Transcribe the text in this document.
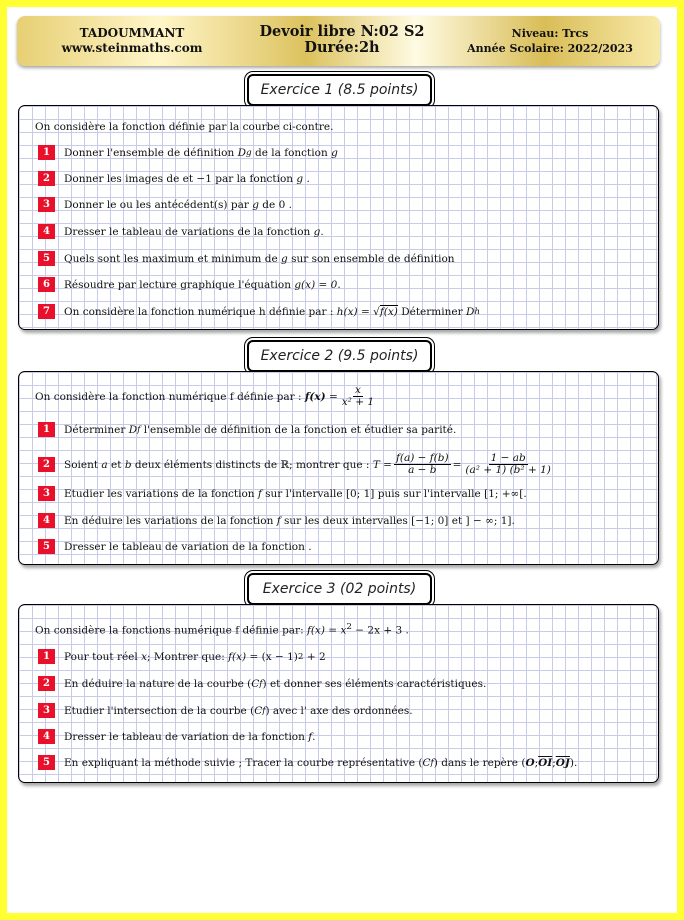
TADOUMMANT
www.steinmaths.com
Devoir libre N:02 S2
Durée:2h
Niveau: Trcs
Année Scolaire: 2022/2023
Exercice 1 (8.5 points)
On considère la fonction définie par la courbe ci-contre.
1	Donner l'ensemble de définition
D g
de la fonction
g
2	Donner les images de et
−1
par la fonction
g
.
3	Donner le ou les antécédent(s) par
g
de
0
.
4	Dresser le tableau de variations de la fonction
g .
5	Quels sont les maximum et minimum de
g
sur son ensemble de définition
6	Résoudre par lecture graphique l'équation
g(x) = 0 .
7	On considère la fonction numérique h définie par :
h(x) =
√ f(x)
Déterminer
D h
Exercice 2 (9.5 points)
On considère la fonction numérique f définie par :
$f(x) = \frac{x}{\text{x² + 1}}$
1	Déterminer
D f
l'ensemble de définition de la fonction et étudier sa parité.
2	Soient
a
et
b
deux éléments distincts de
ℝ ; montrer que :
$T = \frac{f(a) - f(b)}{a - b} = \frac{1 - ab}{\text{(a² + 1) (b² + 1)}}$
3	Etudier les variations de la fonction
f
sur l'intervalle
[0; 1]
puis sur l'intervalle
[1; +∞[.
4	En déduire les variations de la fonction
f
sur les deux intervalles
[−1; 0]
et
] − ∞; 1] .
5	Dresser le tableau de variation de la fonction .
Exercice 3 (02 points)
On considère la fonctions numérique f définie par: $f(x) = x^2 - 2x + 3$ .
1	Pour tout réel
x ; Montrer que:
f(x) = (x − 1) 2
+ 2
2	En déduire la nature de la courbe ( C f ) et donner ses éléments caractéristiques.
3	Etudier l'intersection de la courbe ( C f ) avec l' axe des ordonnées.
4	Dresser le tableau de variation de la fonction
f .
5	En expliquant la méthode suivie ; Tracer la courbe représentative ( C f ) dans le repère ( O ; $\overline{OI}$ ; $\overline{OJ}$ ).
